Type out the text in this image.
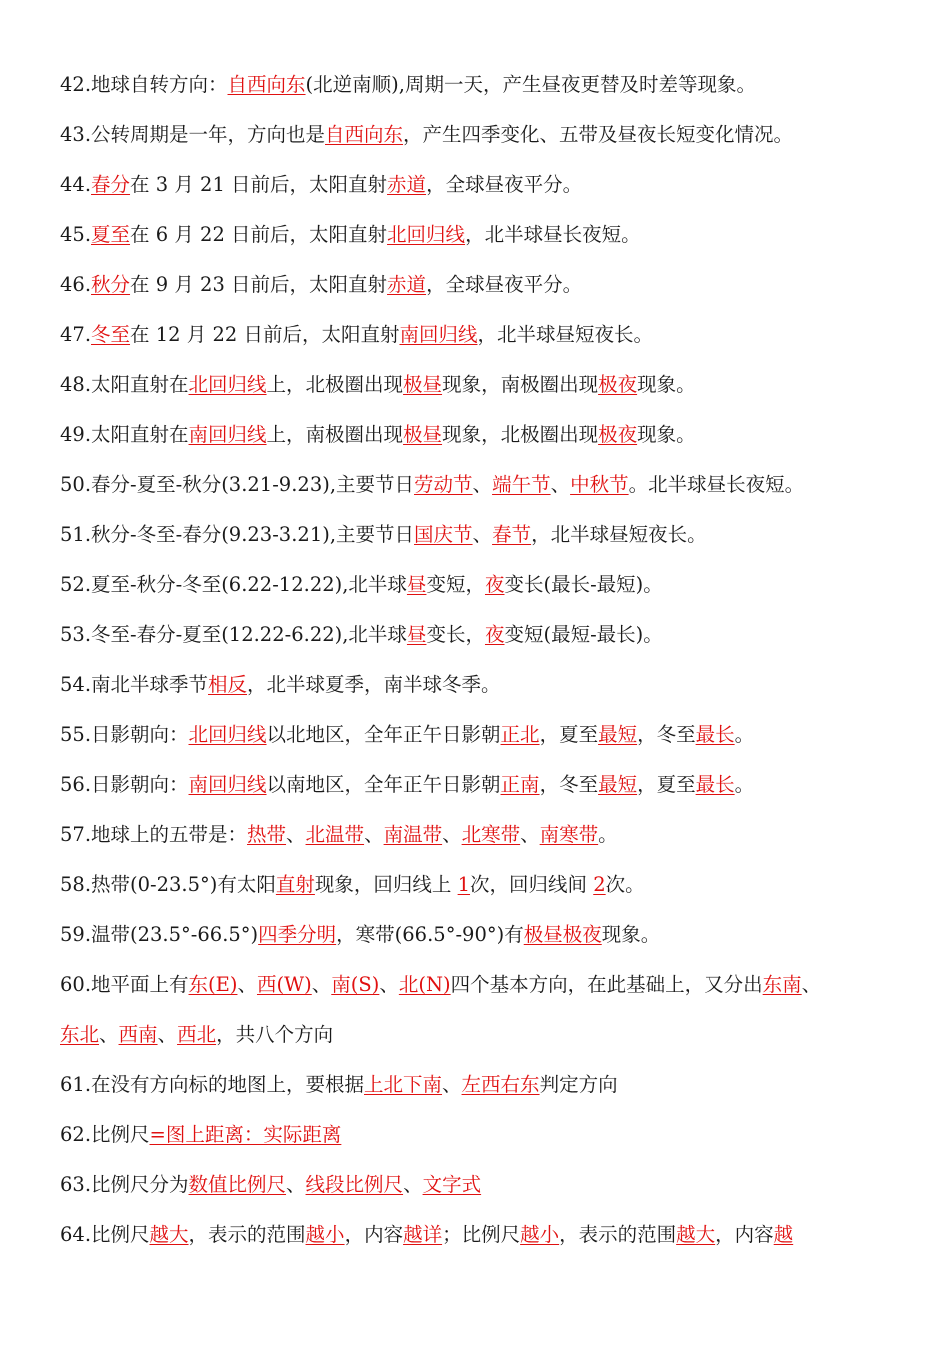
42.地球自转方向：自西向东(北逆南顺),周期一天，产生昼夜更替及时差等现象。
43.公转周期是一年，方向也是自西向东，产生四季变化、五带及昼夜长短变化情况。
44.春分在 3 月 21 日前后，太阳直射赤道，全球昼夜平分。
45.夏至在 6 月 22 日前后，太阳直射北回归线，北半球昼长夜短。
46.秋分在 9 月 23 日前后，太阳直射赤道，全球昼夜平分。
47.冬至在 12 月 22 日前后，太阳直射南回归线，北半球昼短夜长。
48.太阳直射在北回归线上，北极圈出现极昼现象，南极圈出现极夜现象。
49.太阳直射在南回归线上，南极圈出现极昼现象，北极圈出现极夜现象。
50.春分-夏至-秋分(3.21-9.23),主要节日劳动节、端午节、中秋节。北半球昼长夜短。
51.秋分-冬至-春分(9.23-3.21),主要节日国庆节、春节，北半球昼短夜长。
52.夏至-秋分-冬至(6.22-12.22),北半球昼变短，夜变长(最长-最短)。
53.冬至-春分-夏至(12.22-6.22),北半球昼变长，夜变短(最短-最长)。
54.南北半球季节相反，北半球夏季，南半球冬季。
55.日影朝向：北回归线以北地区，全年正午日影朝正北，夏至最短，冬至最长。
56.日影朝向：南回归线以南地区，全年正午日影朝正南，冬至最短，夏至最长。
57.地球上的五带是：热带、北温带、南温带、北寒带、南寒带。
58.热带(0-23.5°)有太阳直射现象，回归线上 1次，回归线间 2次。
59.温带(23.5°-66.5°)四季分明，寒带(66.5°-90°)有极昼极夜现象。
60.地平面上有东(E)、西(W)、南(S)、北(N)四个基本方向，在此基础上，又分出东南、
东北、西南、西北，共八个方向
61.在没有方向标的地图上，要根据上北下南、左西右东判定方向
62.比例尺=图上距离：实际距离
63.比例尺分为数值比例尺、线段比例尺、文字式
64.比例尺越大，表示的范围越小，内容越详；比例尺越小，表示的范围越大，内容越
